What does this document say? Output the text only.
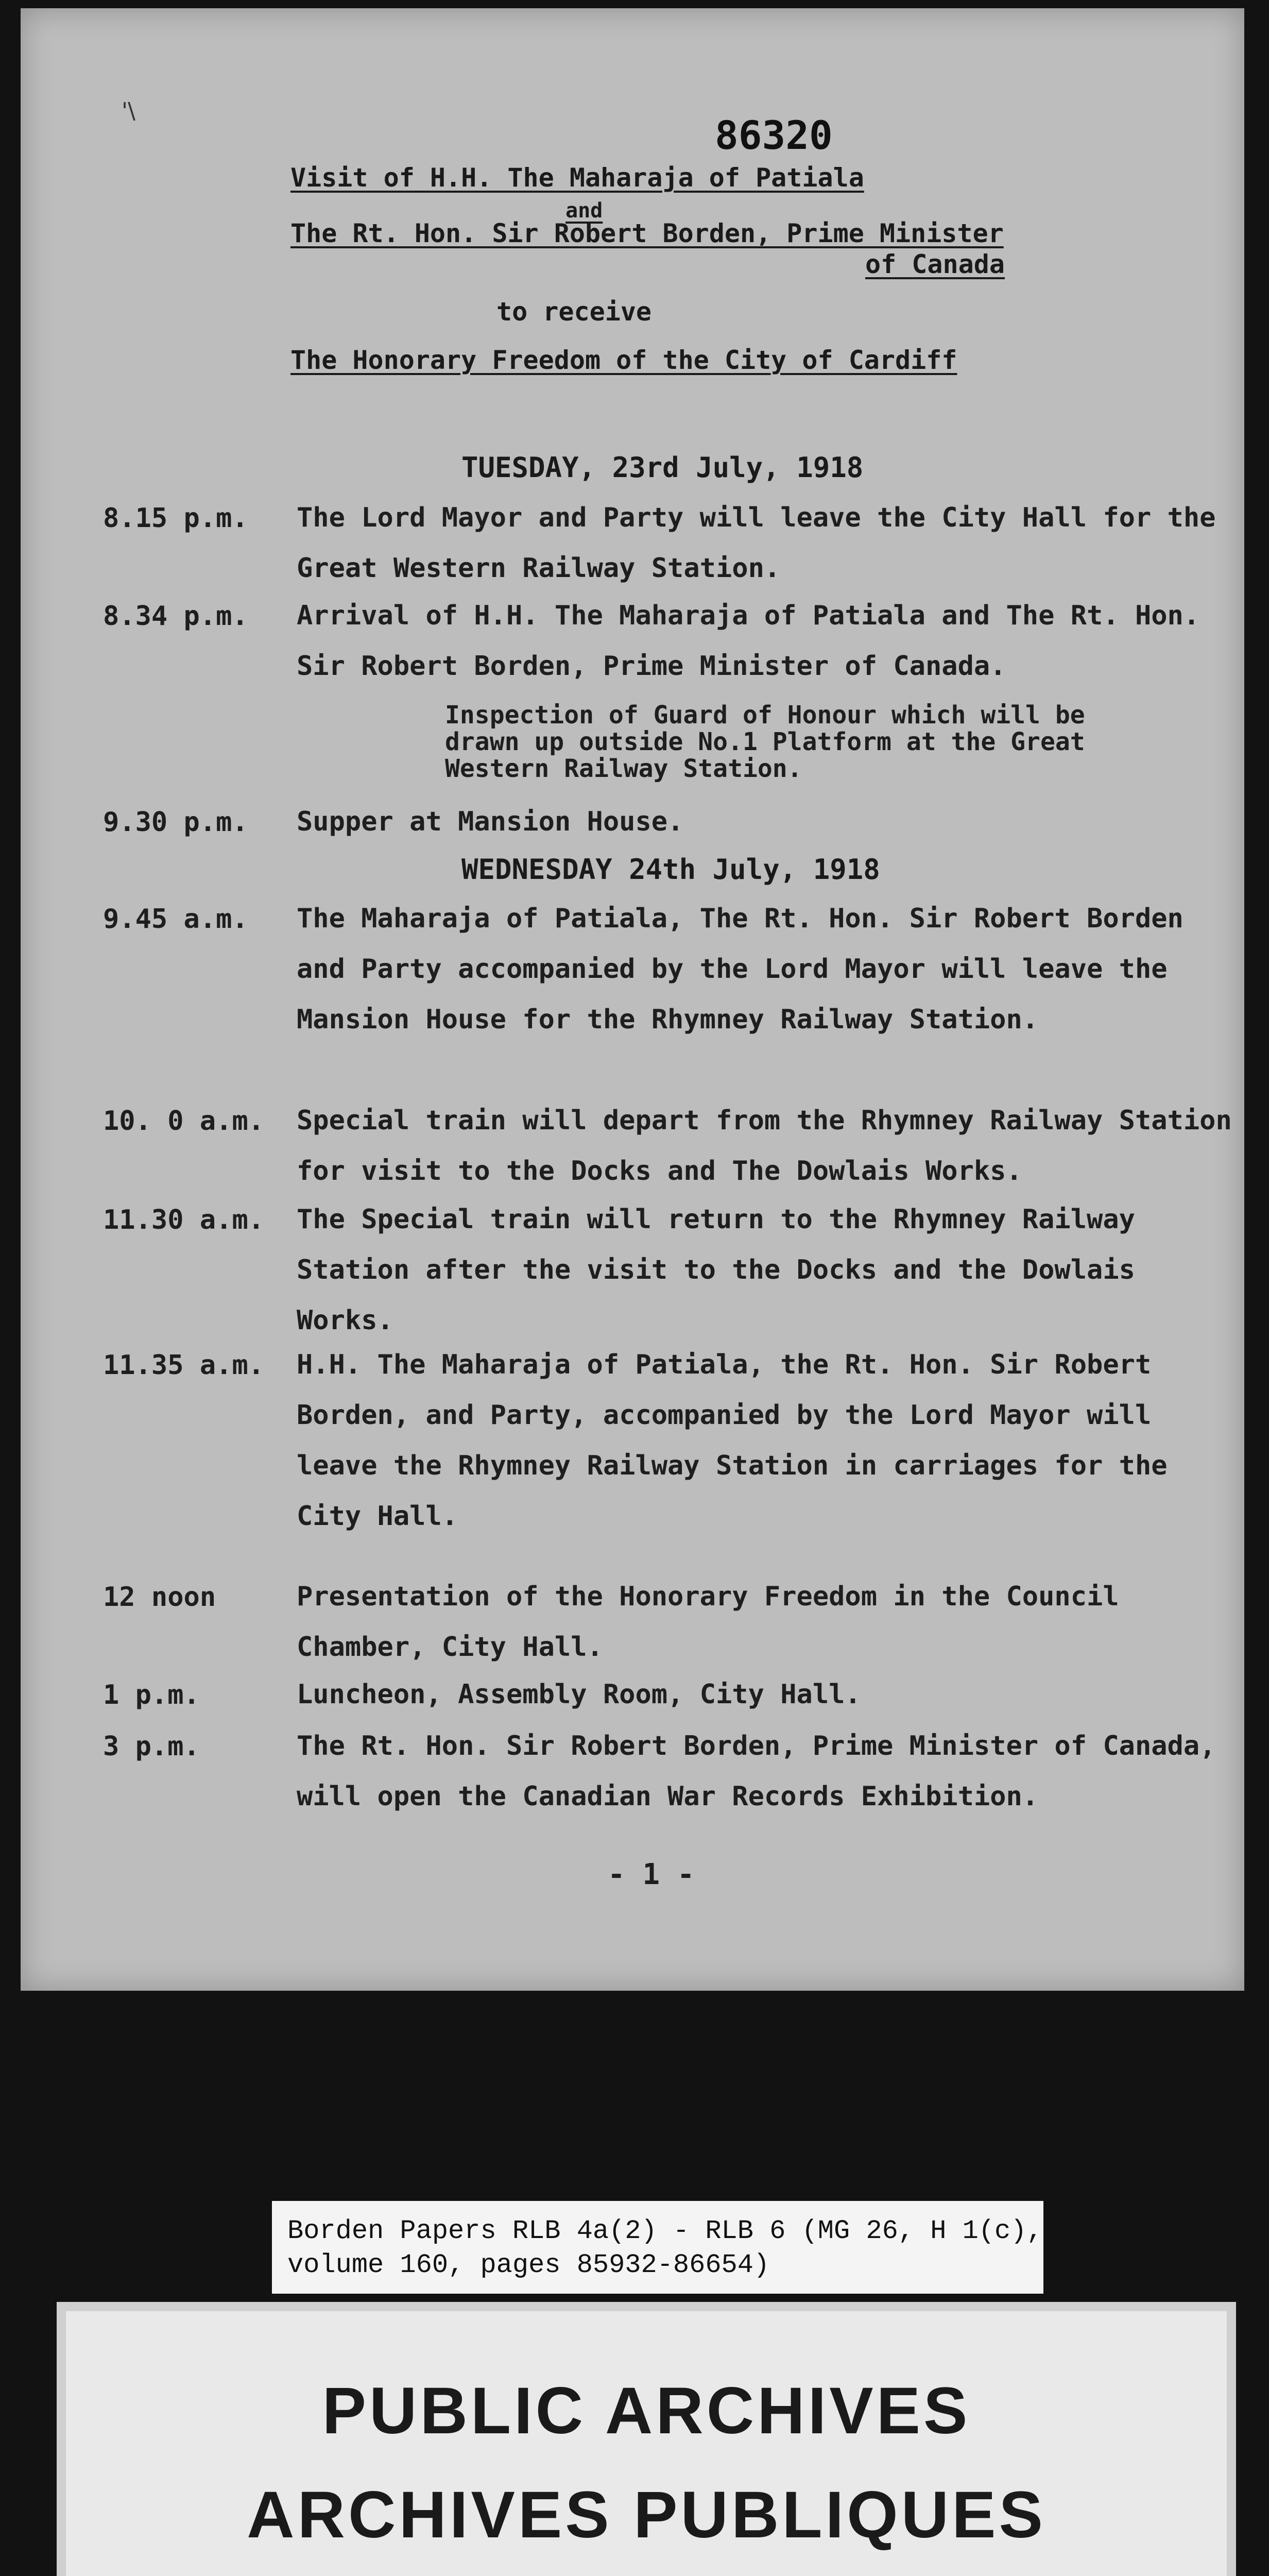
'\

86320

Visit of H.H. The Maharaja of Patiala

and

The Rt. Hon. Sir Robert Borden, Prime Minister

of Canada

to receive

The Honorary Freedom of the City of Cardiff

TUESDAY, 23rd July, 1918

8.15 p.m. The Lord Mayor and Party will leave the City Hall for the Great Western Railway Station.

8.34 p.m. Arrival of H.H. The Maharaja of Patiala and The Rt. Hon. Sir Robert Borden, Prime Minister of Canada.

Inspection of Guard of Honour which will be drawn up outside No.1 Platform at the Great Western Railway Station.

9.30 p.m. Supper at Mansion House.

WEDNESDAY 24th July, 1918

9.45 a.m. The Maharaja of Patiala, The Rt. Hon. Sir Robert Borden and Party accompanied by the Lord Mayor will leave the Mansion House for the Rhymney Railway Station.

10. 0 a.m. Special train will depart from the Rhymney Railway Station for visit to the Docks and The Dowlais Works.

11.30 a.m. The Special train will return to the Rhymney Railway Station after the visit to the Docks and the Dowlais Works.

11.35 a.m. H.H. The Maharaja of Patiala, the Rt. Hon. Sir Robert Borden, and Party, accompanied by the Lord Mayor will leave the Rhymney Railway Station in carriages for the City Hall.

12 noon	Presentation of the Honorary Freedom in the Council Chamber, City Hall.

1 p.m.	Luncheon, Assembly Room, City Hall.

3 p.m.	The Rt. Hon. Sir Robert Borden, Prime Minister of Canada, will open the Canadian War Records Exhibition.

- 1 -

Borden Papers RLB 4a(2) - RLB 6 (MG 26, H 1(c),
volume 160, pages 85932-86654)

PUBLIC ARCHIVES

ARCHIVES PUBLIQUES
